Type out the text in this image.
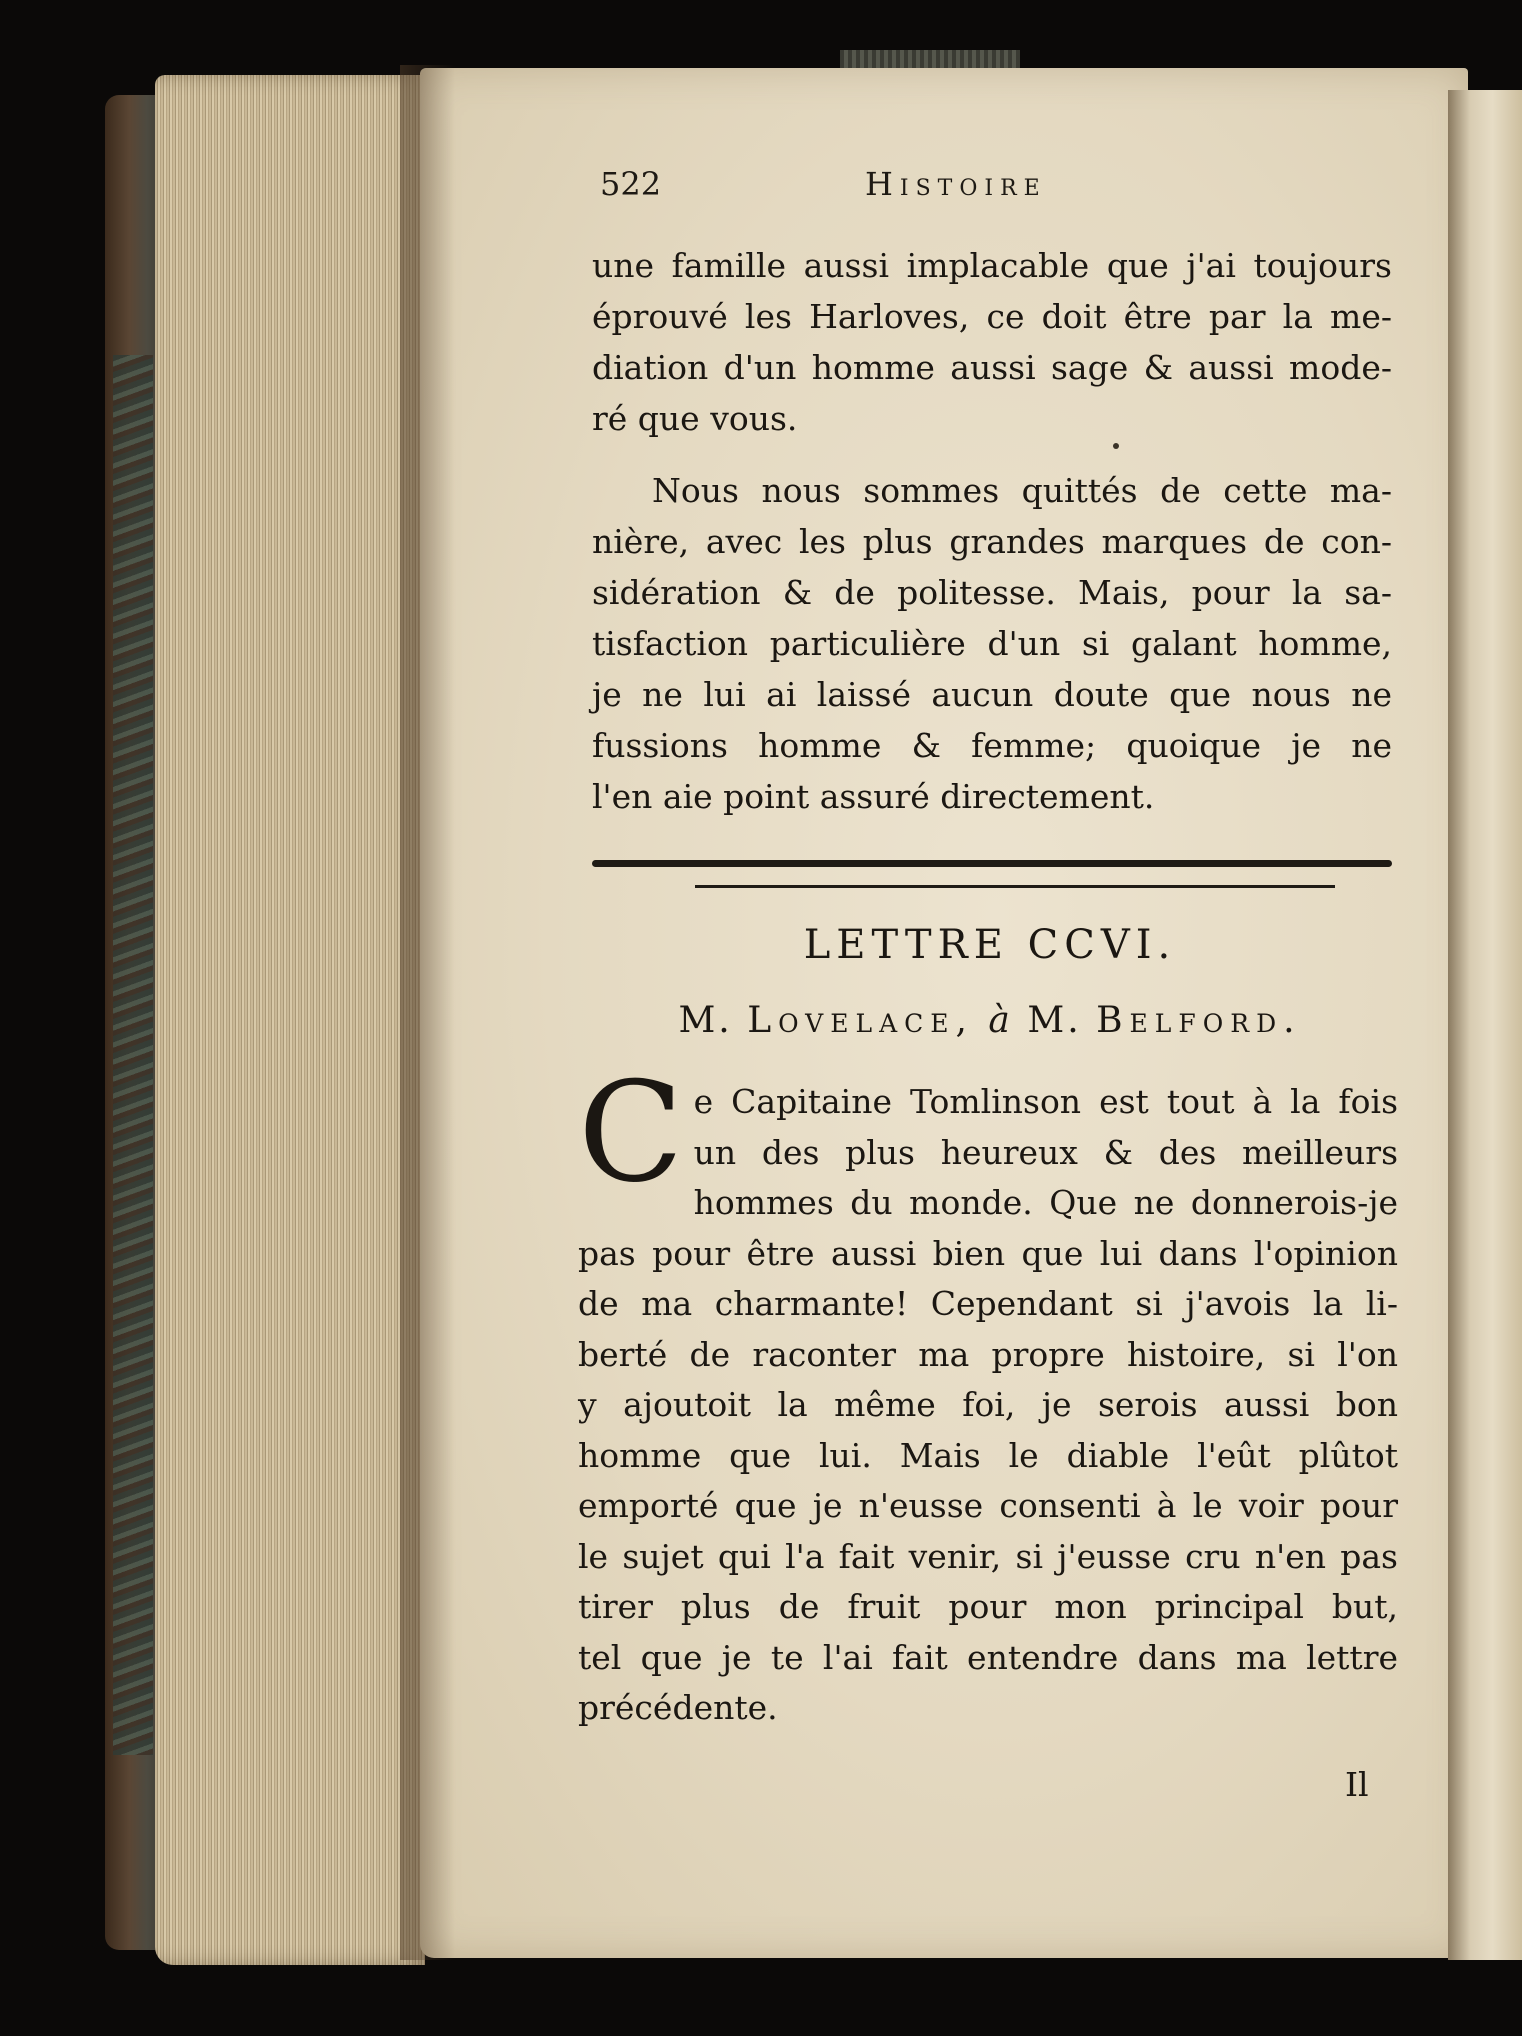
522	Histoire
une famille aussi implacable que j'ai toujours
éprouvé les Harloves, ce doit être par la me-
diation d'un homme aussi sage & aussi mode-
ré que vous.
Nous nous sommes quittés de cette ma-
nière, avec les plus grandes marques de con-
sidération & de politesse. Mais, pour la sa-
tisfaction particulière d'un si galant homme,
je ne lui ai laissé aucun doute que nous ne
fussions homme & femme; quoique je ne
l'en aie point assuré directement.
LETTRE CCVI.
M. Lovelace, à M. Belford.
C e Capitaine Tomlinson est tout à la fois
un des plus heureux & des meilleurs
hommes du monde. Que ne donnerois-je
pas pour être aussi bien que lui dans l'opinion
de ma charmante! Cependant si j'avois la li-
berté de raconter ma propre histoire, si l'on
y ajoutoit la même foi, je serois aussi bon
homme que lui. Mais le diable l'eût plûtot
emporté que je n'eusse consenti à le voir pour
le sujet qui l'a fait venir, si j'eusse cru n'en pas
tirer plus de fruit pour mon principal but,
tel que je te l'ai fait entendre dans ma lettre
précédente.
Il
